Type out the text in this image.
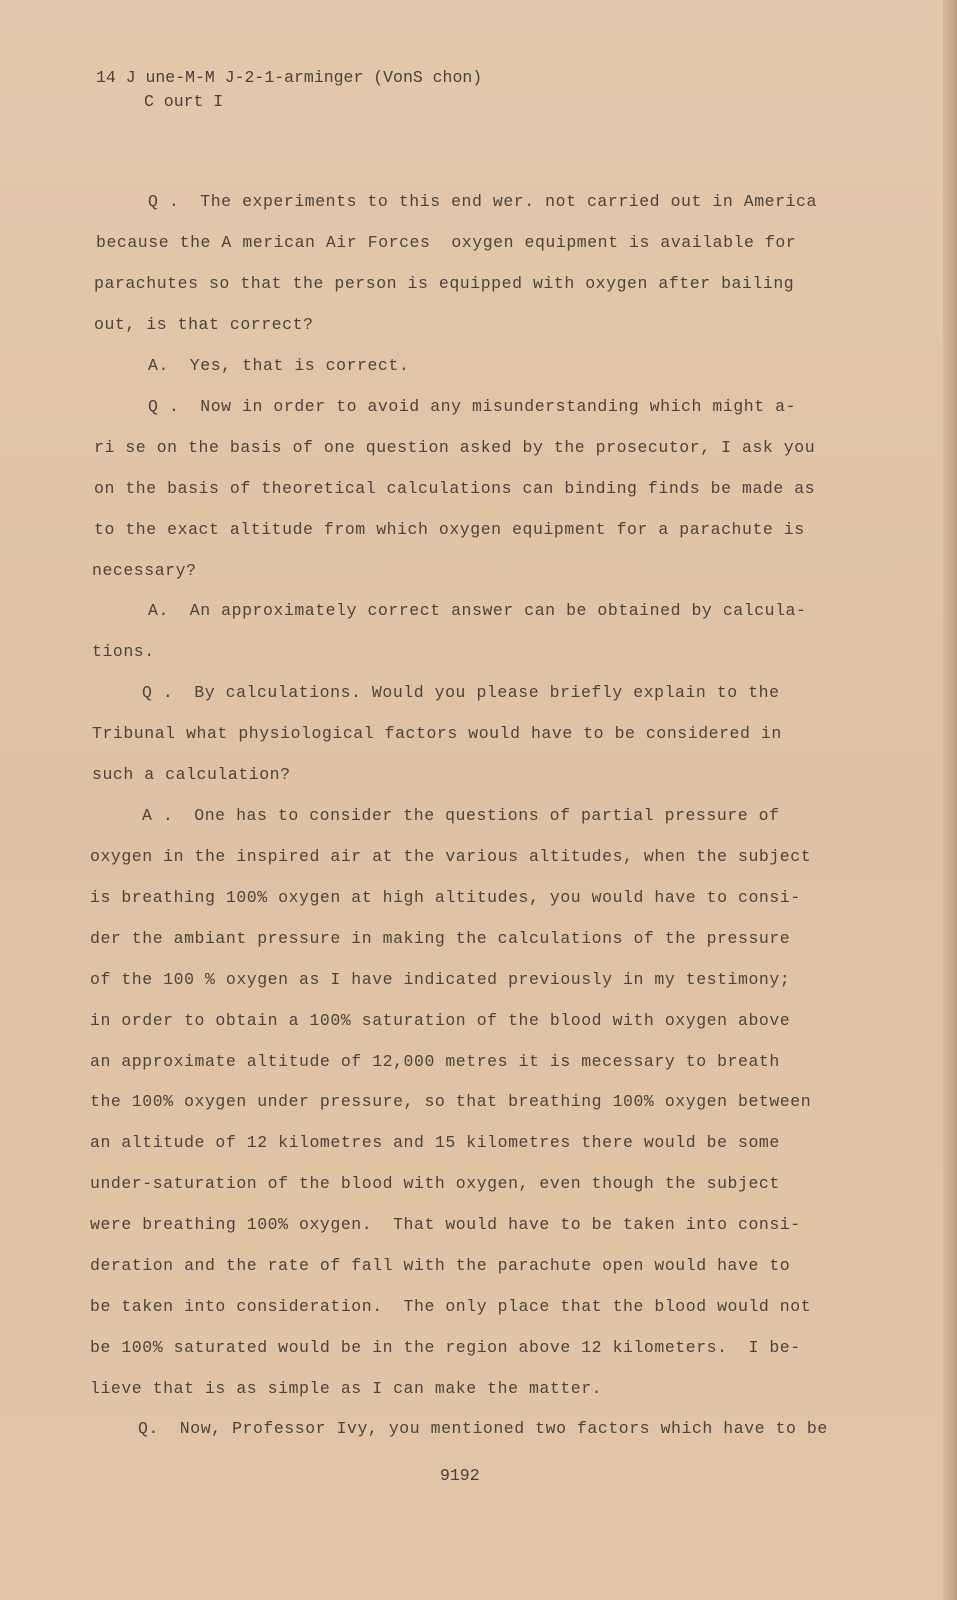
14 J une-M-M J-2-1-arminger (VonS chon)
C ourt I
Q .  The experiments to this end wer. not carried out in America
because the A merican Air Forces  oxygen equipment is available for
parachutes so that the person is equipped with oxygen after bailing
out, is that correct?
A.  Yes, that is correct.
Q .  Now in order to avoid any misunderstanding which might a-
ri se on the basis of one question asked by the prosecutor, I ask you
on the basis of theoretical calculations can binding finds be made as
to the exact altitude from which oxygen equipment for a parachute is
necessary?
A.  An approximately correct answer can be obtained by calcula-
tions.
Q .  By calculations. Would you please briefly explain to the
Tribunal what physiological factors would have to be considered in
such a calculation?
A .  One has to consider the questions of partial pressure of
oxygen in the inspired air at the various altitudes, when the subject
is breathing 100% oxygen at high altitudes, you would have to consi-
der the ambiant pressure in making the calculations of the pressure
of the 100 % oxygen as I have indicated previously in my testimony;
in order to obtain a 100% saturation of the blood with oxygen above
an approximate altitude of 12,000 metres it is mecessary to breath
the 100% oxygen under pressure, so that breathing 100% oxygen between
an altitude of 12 kilometres and 15 kilometres there would be some
under-saturation of the blood with oxygen, even though the subject
were breathing 100% oxygen.  That would have to be taken into consi-
deration and the rate of fall with the parachute open would have to
be taken into consideration.  The only place that the blood would not
be 100% saturated would be in the region above 12 kilometers.  I be-
lieve that is as simple as I can make the matter.
Q.  Now, Professor Ivy, you mentioned two factors which have to be
9192
